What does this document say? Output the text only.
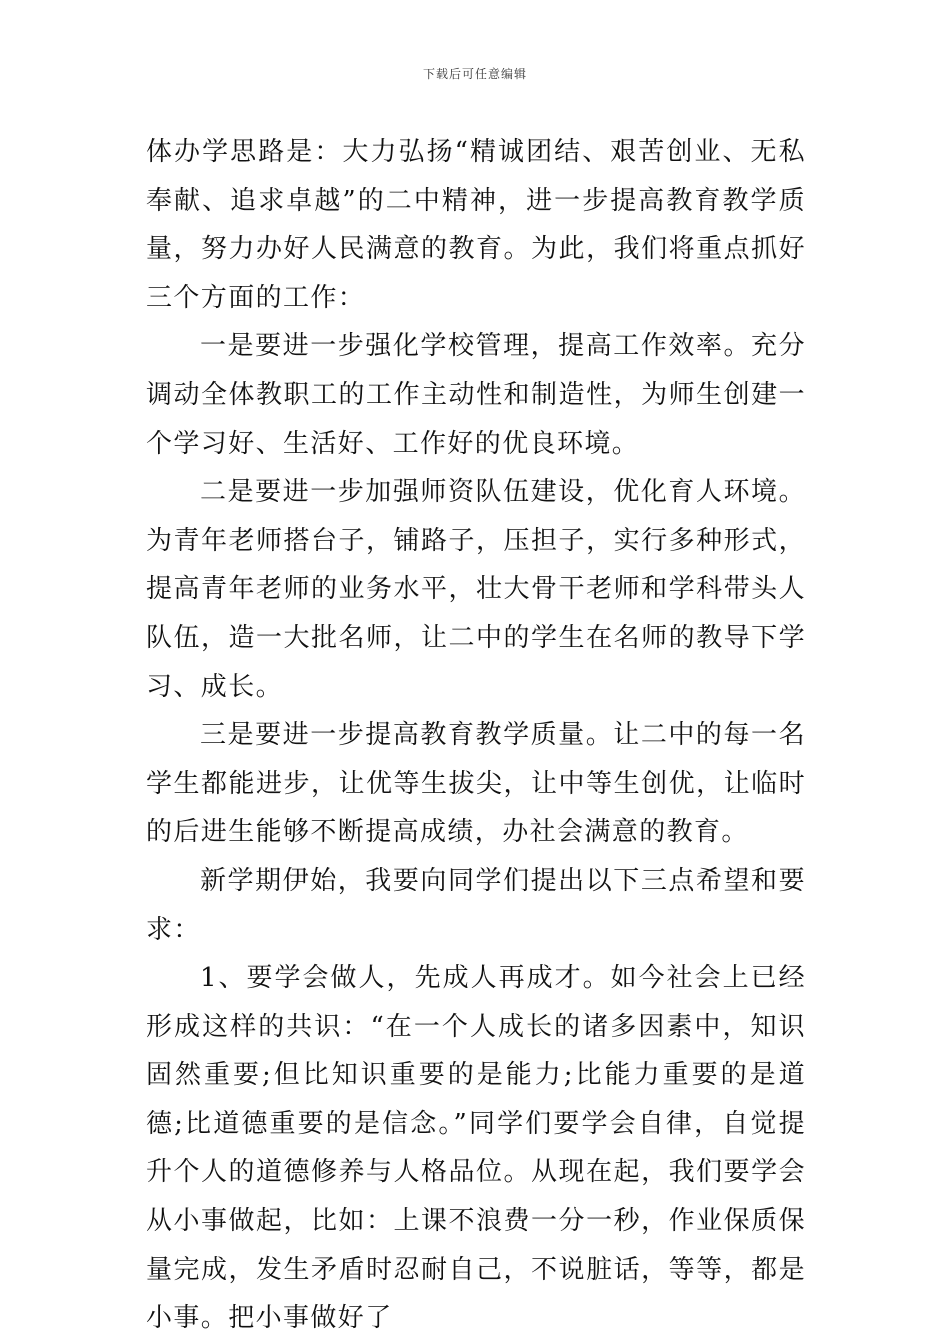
下载后可任意编辑

体办学思路是：大力弘扬“精诚团结、艰苦创业、无私奉献、追求卓越”的二中精神，进一步提高教育教学质量，努力办好人民满意的教育。为此，我们将重点抓好三个方面的工作：

一是要进一步强化学校管理，提高工作效率。充分调动全体教职工的工作主动性和制造性，为师生创建一个学习好、生活好、工作好的优良环境。

二是要进一步加强师资队伍建设，优化育人环境。为青年老师搭台子，铺路子，压担子，实行多种形式，提高青年老师的业务水平，壮大骨干老师和学科带头人队伍，造一大批名师，让二中的学生在名师的教导下学习、成长。

三是要进一步提高教育教学质量。让二中的每一名学生都能进步，让优等生拔尖，让中等生创优，让临时的后进生能够不断提高成绩，办社会满意的教育。

新学期伊始，我要向同学们提出以下三点希望和要求：

1、要学会做人，先成人再成才。如今社会上已经形成这样的共识：“在一个人成长的诸多因素中，知识固然重要;但比知识重要的是能力;比能力重要的是道德;比道德重要的是信念。”同学们要学会自律，自觉提升个人的道德修养与人格品位。从现在起，我们要学会从小事做起，比如：上课不浪费一分一秒，作业保质保量完成，发生矛盾时忍耐自己，不说脏话，等等，都是小事。把小事做好了
